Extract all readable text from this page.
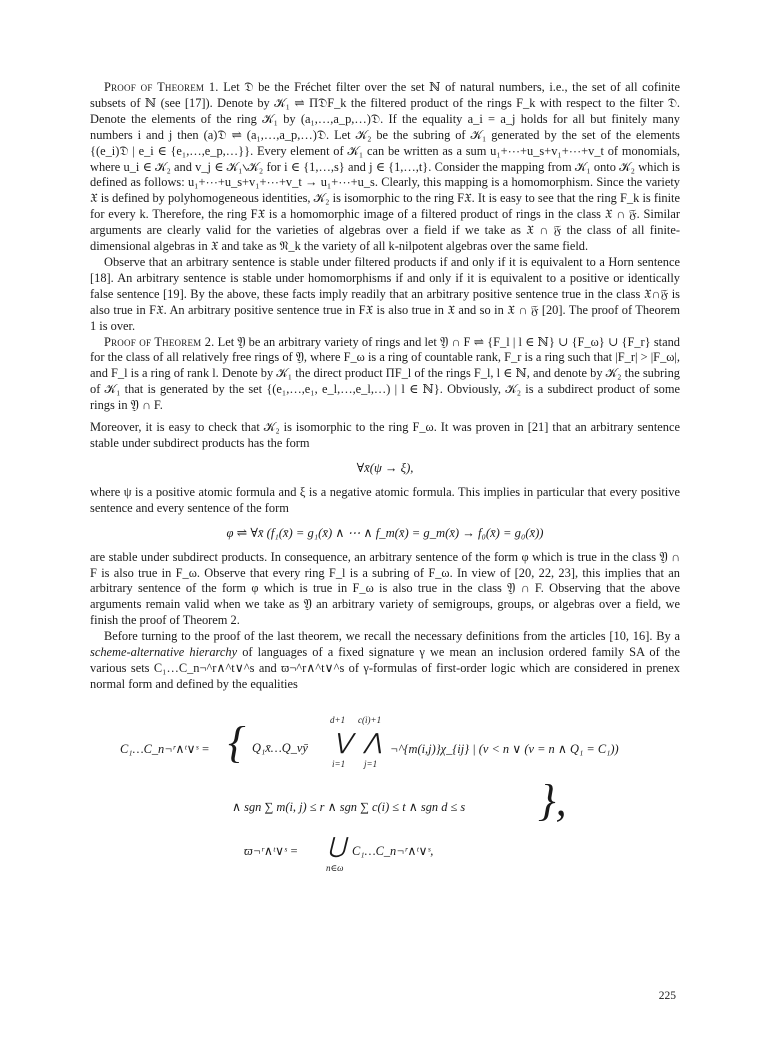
Proof of Theorem 1. Let 𝔇 be the Fréchet filter over the set ℕ of natural numbers, i.e., the set of all cofinite subsets of ℕ (see [17]). Denote by 𝒦₁ ⇌ Π𝔇F_k the filtered product of the rings F_k with respect to the filter 𝔇. Denote the elements of the ring 𝒦₁ by (a₁,…,a_p,…)𝔇. If the equality a_i = a_j holds for all but finitely many numbers i and j then (a)𝔇 ⇌ (a₁,…,a_p,…)𝔇. Let 𝒦₂ be the subring of 𝒦₁ generated by the set of the elements {(e_i)𝔇 | e_i ∈ {e₁,…,e_p,…}}. Every element of 𝒦₁ can be written as a sum u₁+⋯+u_s+v₁+⋯+v_t of monomials, where u_i ∈ 𝒦₂ and v_j ∈ 𝒦₁∖𝒦₂ for i ∈ {1,…,s} and j ∈ {1,…,t}. Consider the mapping from 𝒦₁ onto 𝒦₂ which is defined as follows: u₁+⋯+u_s+v₁+⋯+v_t → u₁+⋯+u_s. Clearly, this mapping is a homomorphism. Since the variety 𝔛 is defined by polyhomogeneous identities, 𝒦₂ is isomorphic to the ring F𝔛. It is easy to see that the ring F_k is finite for every k. Therefore, the ring F𝔛 is a homomorphic image of a filtered product of rings in the class 𝔛 ∩ 𝔉. Similar arguments are clearly valid for the varieties of algebras over a field if we take as 𝔛 ∩ 𝔉 the class of all finite-dimensional algebras in 𝔛 and take as 𝔑_k the variety of all k-nilpotent algebras over the same field.

Observe that an arbitrary sentence is stable under filtered products if and only if it is equivalent to a Horn sentence [18]. An arbitrary sentence is stable under homomorphisms if and only if it is equivalent to a positive or identically false sentence [19]. By the above, these facts imply readily that an arbitrary positive sentence true in the class 𝔛∩𝔉 is also true in F𝔛. An arbitrary positive sentence true in F𝔛 is also true in 𝔛 and so in 𝔛 ∩ 𝔉 [20]. The proof of Theorem 1 is over.

Proof of Theorem 2. Let 𝔜 be an arbitrary variety of rings and let 𝔜 ∩ F ⇌ {F_l | l ∈ ℕ} ∪ {F_ω} ∪ {F_r} stand for the class of all relatively free rings of 𝔜, where F_ω is a ring of countable rank, F_r is a ring such that |F_r| > |F_ω|, and F_l is a ring of rank l. Denote by 𝒦₁ the direct product ΠF_l of the rings F_l, l ∈ ℕ, and denote by 𝒦₂ the subring of 𝒦₁ that is generated by the set {(e₁,…,e₁, e_l,…,e_l,…) | l ∈ ℕ}. Obviously, 𝒦₂ is a subdirect product of some rings in 𝔜 ∩ F.

Moreover, it is easy to check that 𝒦₂ is isomorphic to the ring F_ω. It was proven in [21] that an arbitrary sentence stable under subdirect products has the form

∀x̄(ψ → ξ),

where ψ is a positive atomic formula and ξ is a negative atomic formula. This implies in particular that every positive sentence and every sentence of the form

φ ⇌ ∀x̄ (f₁(x̄) = g₁(x̄) ∧ ⋯ ∧ f_m(x̄) = g_m(x̄) → f₀(x̄) = g₀(x̄))

are stable under subdirect products. In consequence, an arbitrary sentence of the form φ which is true in the class 𝔜 ∩ F is also true in F_ω. Observe that every ring F_l is a subring of F_ω. In view of [20, 22, 23], this implies that an arbitrary sentence of the form φ which is true in F_ω is also true in the class 𝔜 ∩ F. Observing that the above arguments remain valid when we take as 𝔜 an arbitrary variety of semigroups, groups, or algebras over a field, we finish the proof of Theorem 2.

Before turning to the proof of the last theorem, we recall the necessary definitions from the articles [10, 16]. By a scheme-alternative hierarchy of languages of a fixed signature γ we mean an inclusion ordered family SA of the various sets C₁…C_n¬^r∧^t∨^s and ϖ¬^r∧^t∨^s of γ-formulas of first-order logic which are considered in prenex normal form and defined by the equalities

C₁…C_n¬ʳ∧ᵗ∨ˢ = { Q₁x̄…Q_vȳ
d+1
⋁
i=1
c(i)+1
⋀
j=1
¬^{m(i,j)}χ_{ij} | (v < n ∨ (v = n ∧ Q₁ = C₁))
∧ sgn ∑ m(i, j) ≤ r ∧ sgn ∑ c(i) ≤ t ∧ sgn d ≤ s },
ϖ¬ʳ∧ᵗ∨ˢ = ⋃
n∈ω
C₁…C_n¬ʳ∧ᵗ∨ˢ,
225
